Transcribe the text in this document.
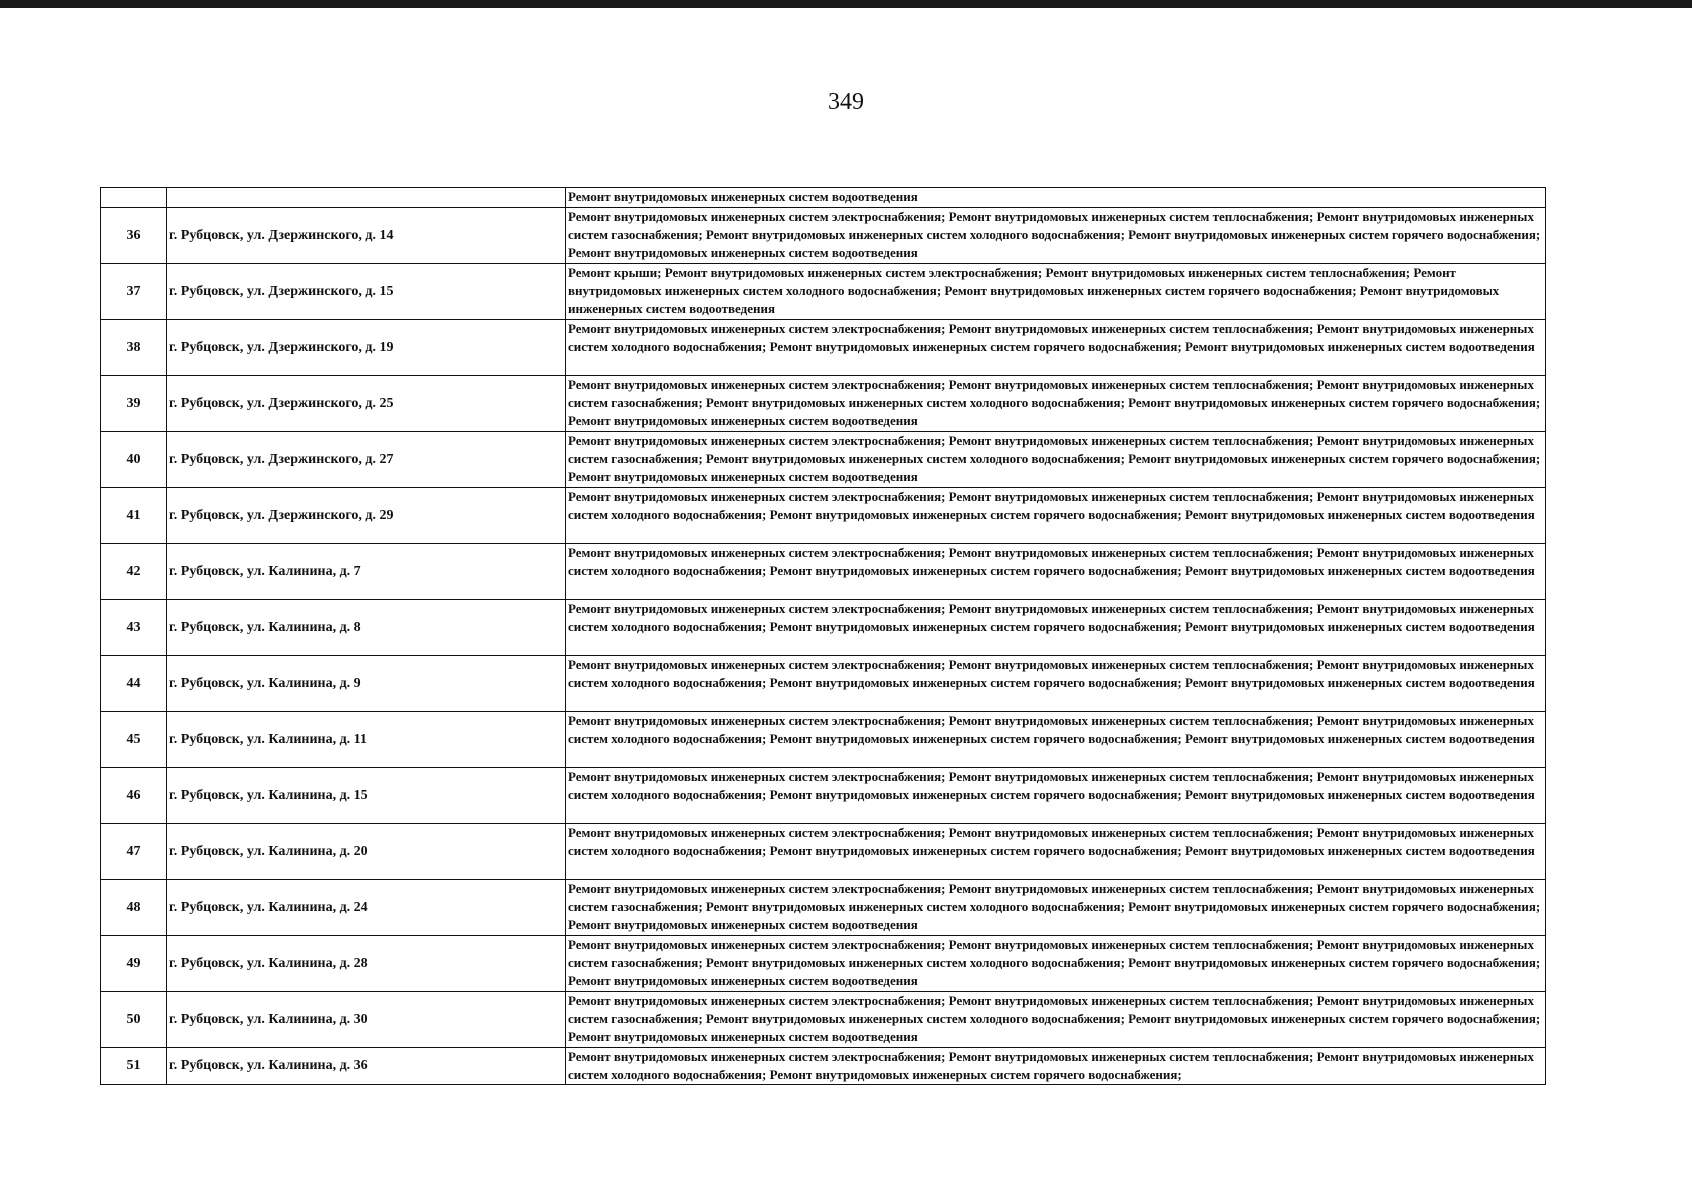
349
		Ремонт внутридомовых инженерных систем водоотведения
36	г. Рубцовск, ул. Дзержинского, д. 14	Ремонт внутридомовых инженерных систем электроснабжения; Ремонт внутридомовых инженерных систем теплоснабжения; Ремонт внутридомовых инженерных систем газоснабжения; Ремонт внутридомовых инженерных систем холодного водоснабжения; Ремонт внутридомовых инженерных систем горячего водоснабжения; Ремонт внутридомовых инженерных систем водоотведения
37	г. Рубцовск, ул. Дзержинского, д. 15	Ремонт крыши; Ремонт внутридомовых инженерных систем электроснабжения; Ремонт внутридомовых инженерных систем теплоснабжения; Ремонт внутридомовых инженерных систем холодного водоснабжения; Ремонт внутридомовых инженерных систем горячего водоснабжения; Ремонт внутридомовых инженерных систем водоотведения
38	г. Рубцовск, ул. Дзержинского, д. 19	Ремонт внутридомовых инженерных систем электроснабжения; Ремонт внутридомовых инженерных систем теплоснабжения; Ремонт внутридомовых инженерных систем холодного водоснабжения; Ремонт внутридомовых инженерных систем горячего водоснабжения; Ремонт внутридомовых инженерных систем водоотведения
39	г. Рубцовск, ул. Дзержинского, д. 25	Ремонт внутридомовых инженерных систем электроснабжения; Ремонт внутридомовых инженерных систем теплоснабжения; Ремонт внутридомовых инженерных систем газоснабжения; Ремонт внутридомовых инженерных систем холодного водоснабжения; Ремонт внутридомовых инженерных систем горячего водоснабжения; Ремонт внутридомовых инженерных систем водоотведения
40	г. Рубцовск, ул. Дзержинского, д. 27	Ремонт внутридомовых инженерных систем электроснабжения; Ремонт внутридомовых инженерных систем теплоснабжения; Ремонт внутридомовых инженерных систем газоснабжения; Ремонт внутридомовых инженерных систем холодного водоснабжения; Ремонт внутридомовых инженерных систем горячего водоснабжения; Ремонт внутридомовых инженерных систем водоотведения
41	г. Рубцовск, ул. Дзержинского, д. 29	Ремонт внутридомовых инженерных систем электроснабжения; Ремонт внутридомовых инженерных систем теплоснабжения; Ремонт внутридомовых инженерных систем холодного водоснабжения; Ремонт внутридомовых инженерных систем горячего водоснабжения; Ремонт внутридомовых инженерных систем водоотведения
42	г. Рубцовск, ул. Калинина, д. 7	Ремонт внутридомовых инженерных систем электроснабжения; Ремонт внутридомовых инженерных систем теплоснабжения; Ремонт внутридомовых инженерных систем холодного водоснабжения; Ремонт внутридомовых инженерных систем горячего водоснабжения; Ремонт внутридомовых инженерных систем водоотведения
43	г. Рубцовск, ул. Калинина, д. 8	Ремонт внутридомовых инженерных систем электроснабжения; Ремонт внутридомовых инженерных систем теплоснабжения; Ремонт внутридомовых инженерных систем холодного водоснабжения; Ремонт внутридомовых инженерных систем горячего водоснабжения; Ремонт внутридомовых инженерных систем водоотведения
44	г. Рубцовск, ул. Калинина, д. 9	Ремонт внутридомовых инженерных систем электроснабжения; Ремонт внутридомовых инженерных систем теплоснабжения; Ремонт внутридомовых инженерных систем холодного водоснабжения; Ремонт внутридомовых инженерных систем горячего водоснабжения; Ремонт внутридомовых инженерных систем водоотведения
45	г. Рубцовск, ул. Калинина, д. 11	Ремонт внутридомовых инженерных систем электроснабжения; Ремонт внутридомовых инженерных систем теплоснабжения; Ремонт внутридомовых инженерных систем холодного водоснабжения; Ремонт внутридомовых инженерных систем горячего водоснабжения; Ремонт внутридомовых инженерных систем водоотведения
46	г. Рубцовск, ул. Калинина, д. 15	Ремонт внутридомовых инженерных систем электроснабжения; Ремонт внутридомовых инженерных систем теплоснабжения; Ремонт внутридомовых инженерных систем холодного водоснабжения; Ремонт внутридомовых инженерных систем горячего водоснабжения; Ремонт внутридомовых инженерных систем водоотведения
47	г. Рубцовск, ул. Калинина, д. 20	Ремонт внутридомовых инженерных систем электроснабжения; Ремонт внутридомовых инженерных систем теплоснабжения; Ремонт внутридомовых инженерных систем холодного водоснабжения; Ремонт внутридомовых инженерных систем горячего водоснабжения; Ремонт внутридомовых инженерных систем водоотведения
48	г. Рубцовск, ул. Калинина, д. 24	Ремонт внутридомовых инженерных систем электроснабжения; Ремонт внутридомовых инженерных систем теплоснабжения; Ремонт внутридомовых инженерных систем газоснабжения; Ремонт внутридомовых инженерных систем холодного водоснабжения; Ремонт внутридомовых инженерных систем горячего водоснабжения; Ремонт внутридомовых инженерных систем водоотведения
49	г. Рубцовск, ул. Калинина, д. 28	Ремонт внутридомовых инженерных систем электроснабжения; Ремонт внутридомовых инженерных систем теплоснабжения; Ремонт внутридомовых инженерных систем газоснабжения; Ремонт внутридомовых инженерных систем холодного водоснабжения; Ремонт внутридомовых инженерных систем горячего водоснабжения; Ремонт внутридомовых инженерных систем водоотведения
50	г. Рубцовск, ул. Калинина, д. 30	Ремонт внутридомовых инженерных систем электроснабжения; Ремонт внутридомовых инженерных систем теплоснабжения; Ремонт внутридомовых инженерных систем газоснабжения; Ремонт внутридомовых инженерных систем холодного водоснабжения; Ремонт внутридомовых инженерных систем горячего водоснабжения; Ремонт внутридомовых инженерных систем водоотведения
51	г. Рубцовск, ул. Калинина, д. 36	Ремонт внутридомовых инженерных систем электроснабжения; Ремонт внутридомовых инженерных систем теплоснабжения; Ремонт внутридомовых инженерных систем холодного водоснабжения; Ремонт внутридомовых инженерных систем горячего водоснабжения;
